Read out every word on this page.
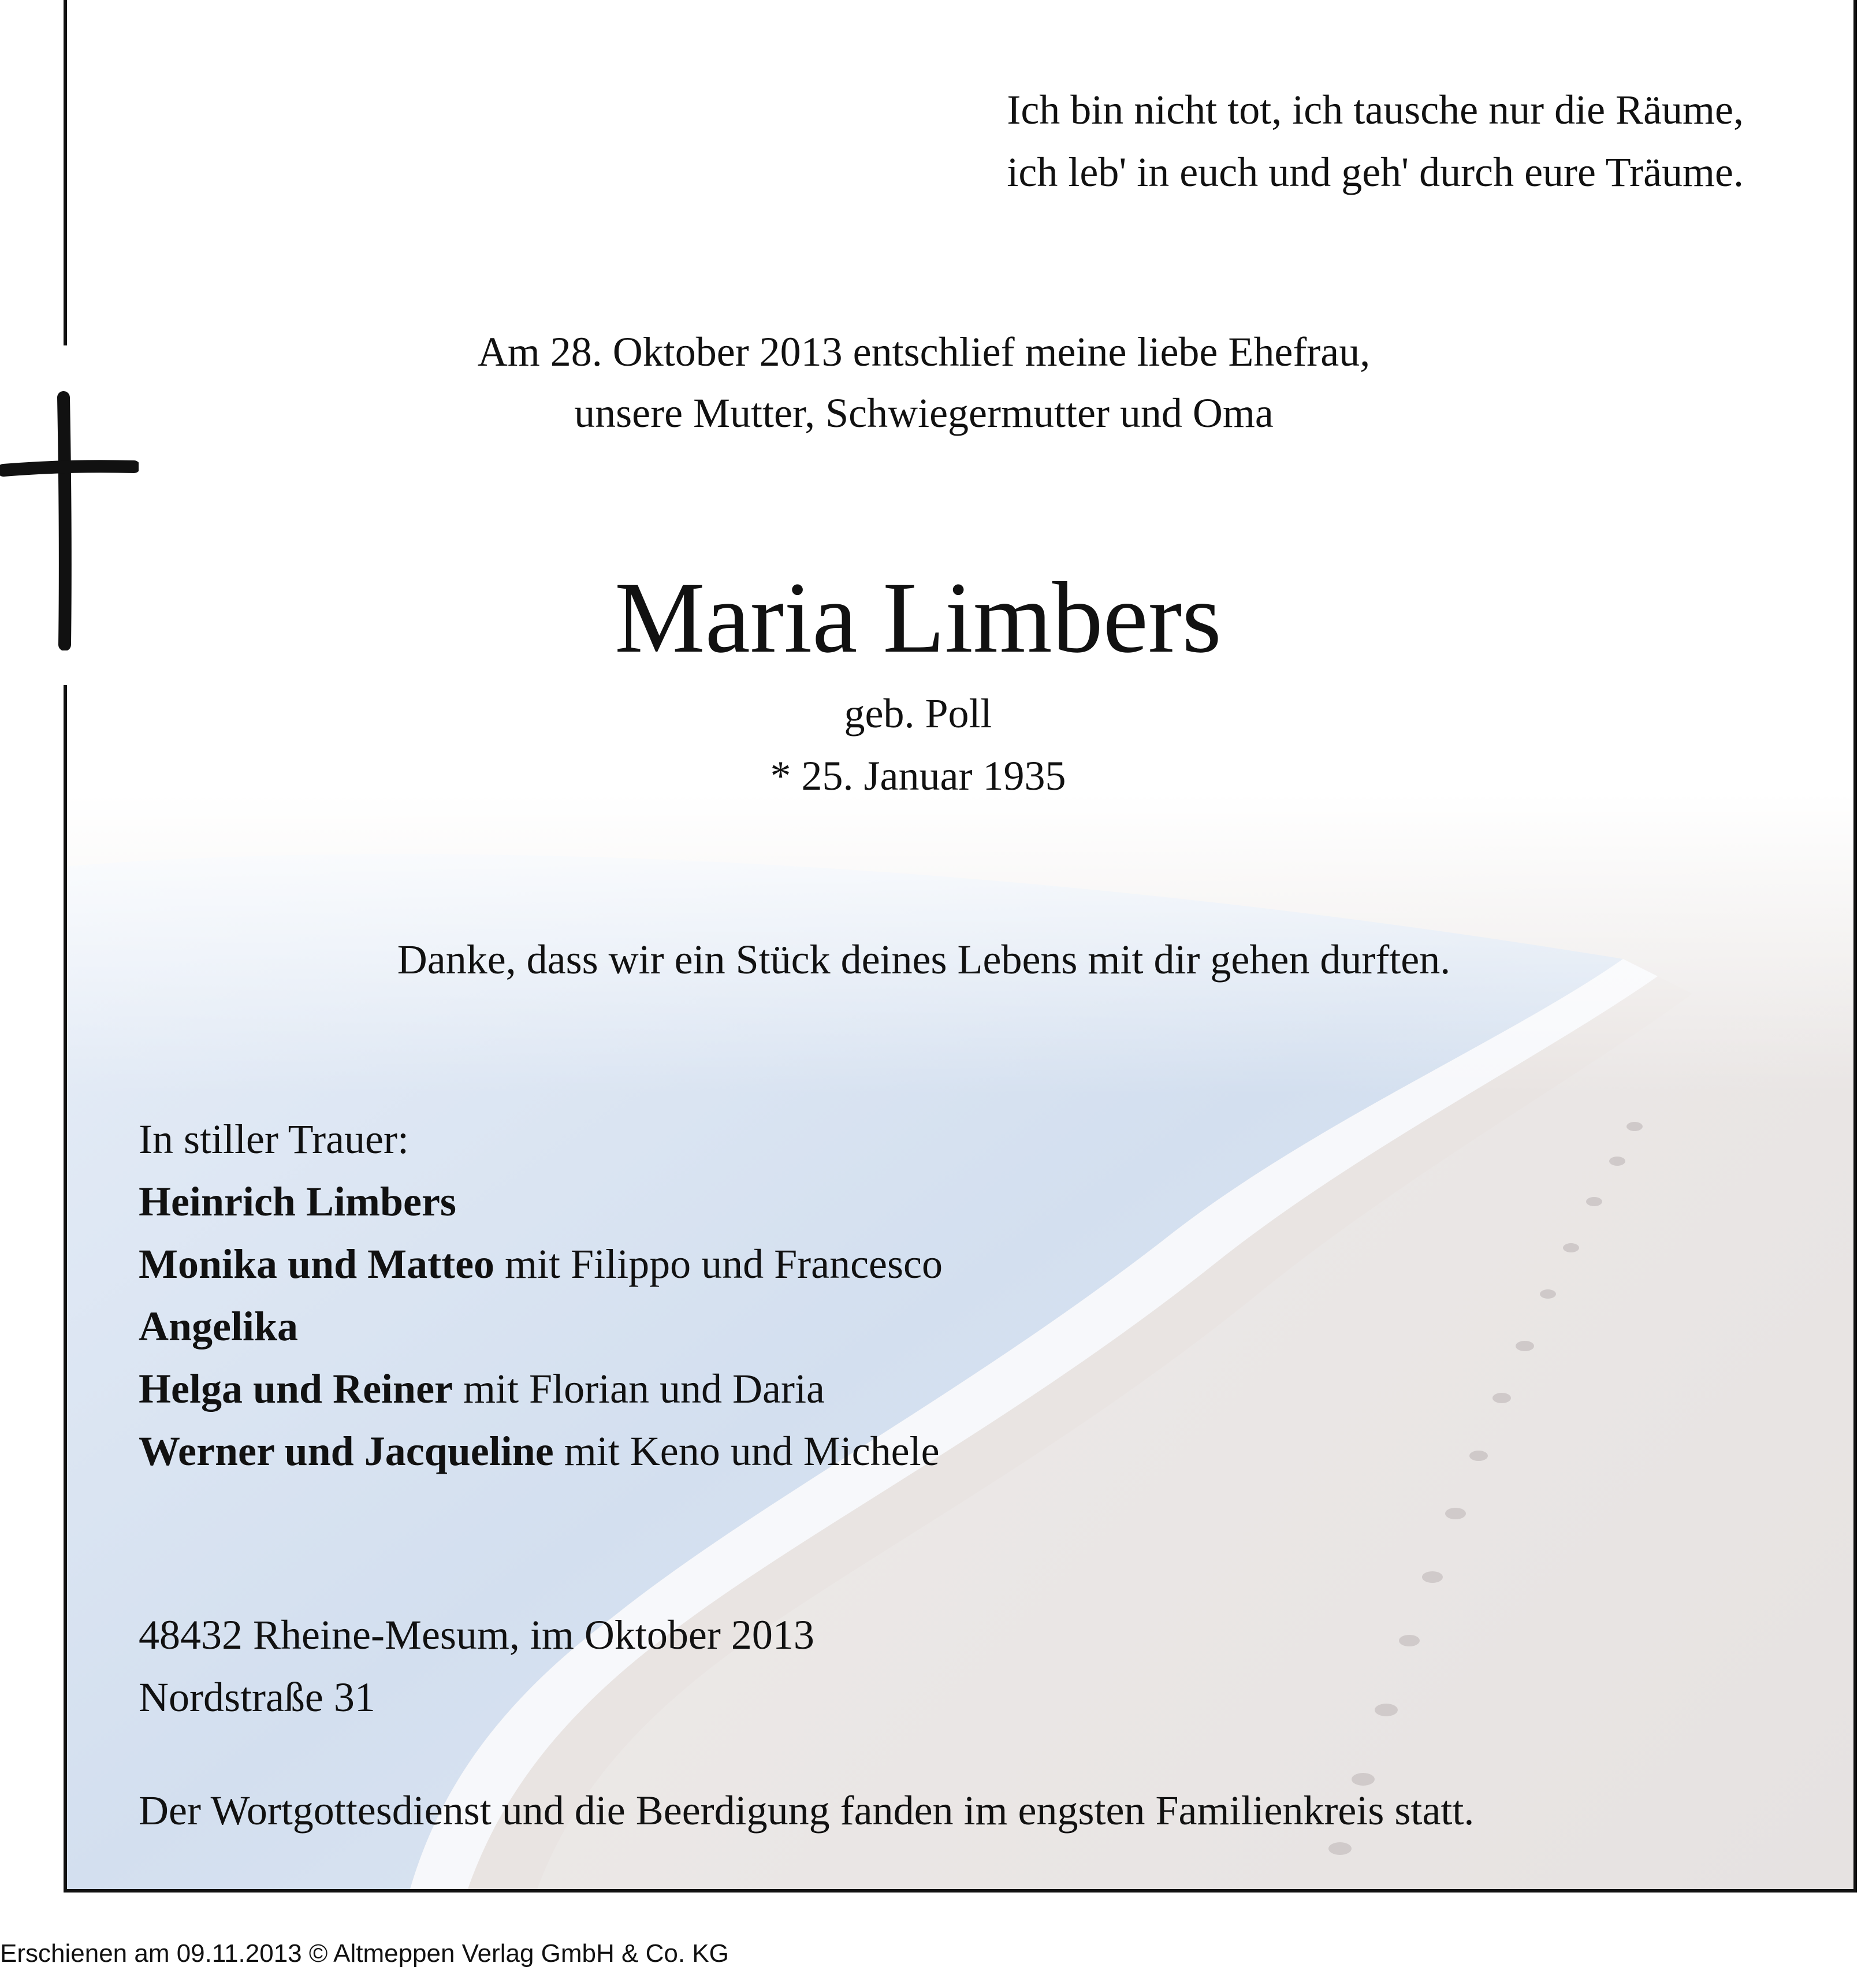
Ich bin nicht tot, ich tausche nur die Räume,
ich leb' in euch und geh' durch eure Träume.
Am 28. Oktober 2013 entschlief meine liebe Ehefrau,
unsere Mutter, Schwiegermutter und Oma
Maria Limbers
geb. Poll
* 25. Januar 1935
Danke, dass wir ein Stück deines Lebens mit dir gehen durften.
In stiller Trauer:
Heinrich Limbers
Monika und Matteo mit Filippo und Francesco
Angelika
Helga und Reiner mit Florian und Daria
Werner und Jacqueline mit Keno und Michele
48432 Rheine-Mesum, im Oktober 2013
Nordstraße 31
Der Wortgottesdienst und die Beerdigung fanden im engsten Familienkreis statt.
Erschienen am 09.11.2013 © Altmeppen Verlag GmbH & Co. KG
